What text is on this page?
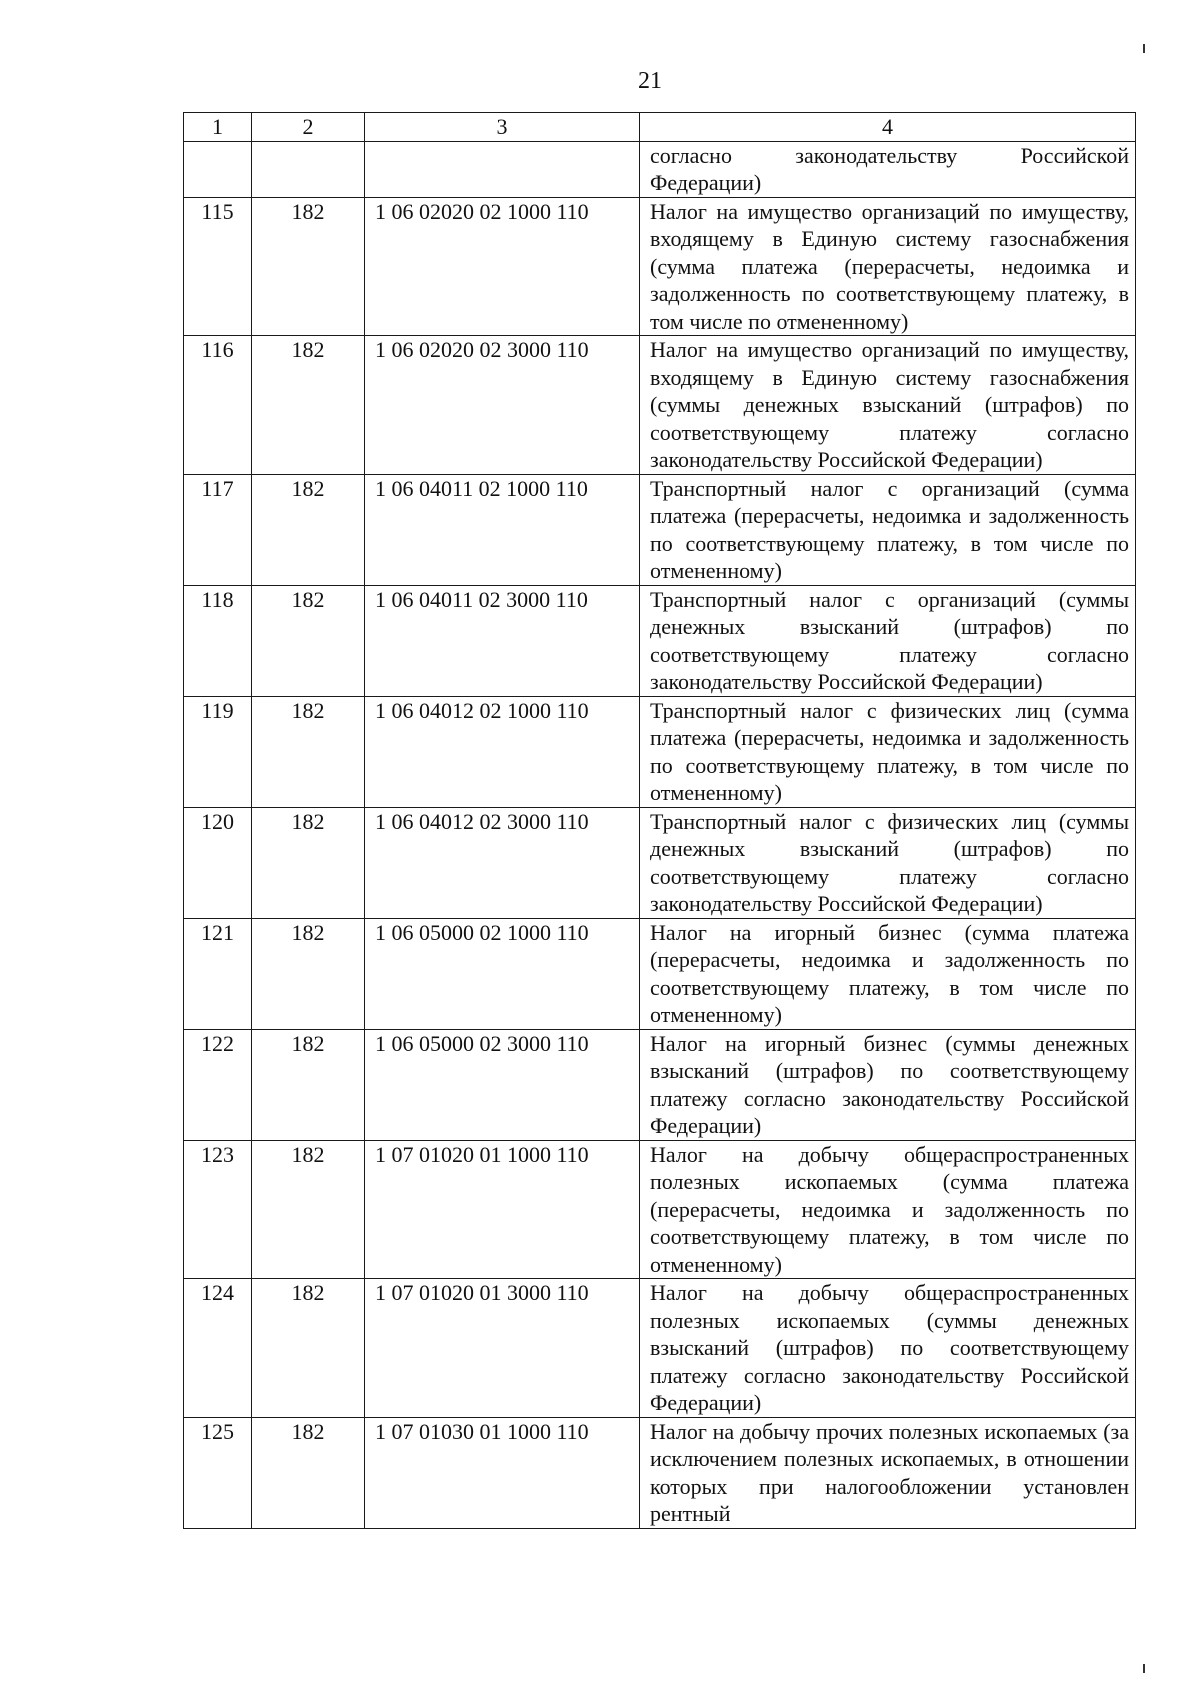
21
1	2	3	4
			согласно законодательству Российской Федерации)
115	182	1 06 02020 02 1000 110	Налог на имущество организаций по имуществу, входящему в Единую систему газоснабжения (сумма платежа (перерасчеты, недоимка и задолженность по соответствующему платежу, в том числе по отмененному)
116	182	1 06 02020 02 3000 110	Налог на имущество организаций по имуществу, входящему в Единую систему газоснабжения (суммы денежных взысканий (штрафов) по соответствующему платежу согласно законодательству Российской Федерации)
117	182	1 06 04011 02 1000 110	Транспортный налог с организаций (сумма платежа (перерасчеты, недоимка и задолженность по соответствующему платежу, в том числе по отмененному)
118	182	1 06 04011 02 3000 110	Транспортный налог с организаций (суммы денежных взысканий (штрафов) по соответствующему платежу согласно законодательству Российской Федерации)
119	182	1 06 04012 02 1000 110	Транспортный налог с физических лиц (сумма платежа (перерасчеты, недоимка и задолженность по соответствующему платежу, в том числе по отмененному)
120	182	1 06 04012 02 3000 110	Транспортный налог с физических лиц (суммы денежных взысканий (штрафов) по соответствующему платежу согласно законодательству Российской Федерации)
121	182	1 06 05000 02 1000 110	Налог на игорный бизнес (сумма платежа (перерасчеты, недоимка и задолженность по соответствующему платежу, в том числе по отмененному)
122	182	1 06 05000 02 3000 110	Налог на игорный бизнес (суммы денежных взысканий (штрафов) по соответствующему платежу согласно законодательству Российской Федерации)
123	182	1 07 01020 01 1000 110	Налог на добычу общераспространенных полезных ископаемых (сумма платежа (перерасчеты, недоимка и задолженность по соответствующему платежу, в том числе по отмененному)
124	182	1 07 01020 01 3000 110	Налог на добычу общераспространенных полезных ископаемых (суммы денежных взысканий (штрафов) по соответствующему платежу согласно законодательству Российской Федерации)
125	182	1 07 01030 01 1000 110	Налог на добычу прочих полезных ископаемых (за исключением полезных ископаемых, в отношении которых при налогообложении установлен рентный
